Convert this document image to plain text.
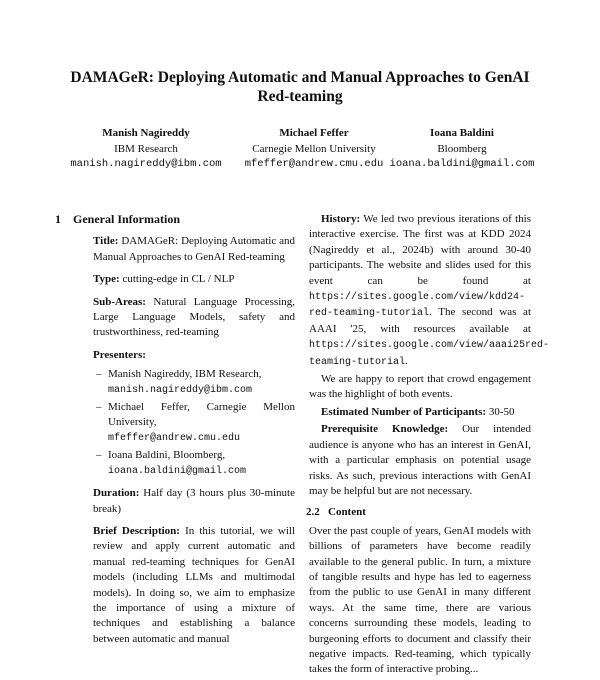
DAMAGeR: Deploying Automatic and Manual Approaches to GenAI Red-teaming
Manish Nagireddy
IBM Research
manish.nagireddy@ibm.com
Michael Feffer
Carnegie Mellon University
mfeffer@andrew.cmu.edu
Ioana Baldini
Bloomberg
ioana.baldini@gmail.com
1 General Information

Title: DAMAGeR: Deploying Automatic and Manual Approaches to GenAI Red-teaming

Type: cutting-edge in CL / NLP

Sub-Areas: Natural Language Processing, Large Language Models, safety and trustworthiness, red-teaming

Presenters:

– Manish Nagireddy, IBM Research,
manish.nagireddy@ibm.com
– Michael Feffer, Carnegie Mellon University,
mfeffer@andrew.cmu.edu
– Ioana Baldini, Bloomberg,
ioana.baldini@gmail.com

Duration: Half day (3 hours plus 30-minute break)

Brief Description: In this tutorial, we will review and apply current automatic and manual red-teaming techniques for GenAI models (including LLMs and multimodal models). In doing so, we aim to emphasize the importance of using a mixture of techniques and establishing a balance between automatic and manual

History: We led two previous iterations of this interactive exercise. The first was at KDD 2024 (Nagireddy et al., 2024b) with around 30-40 participants. The website and slides used for this event can be found at https://sites.google.com/view/kdd24-red-teaming-tutorial. The second was at AAAI '25, with resources available at https://sites.google.com/view/aaai25red-teaming-tutorial.

We are happy to report that crowd engagement was the highlight of both events.

Estimated Number of Participants: 30-50

Prerequisite Knowledge: Our intended audience is anyone who has an interest in GenAI, with a particular emphasis on potential usage risks. As such, previous interactions with GenAI may be helpful but are not necessary.

2.2 Content

Over the past couple of years, GenAI models with billions of parameters have become readily available to the general public. In turn, a mixture of tangible results and hype has led to eagerness from the public to use GenAI in many different ways. At the same time, there are various concerns surrounding these models, leading to burgeoning efforts to document and classify their negative impacts. Red-teaming, which typically takes the form of interactive probing...
